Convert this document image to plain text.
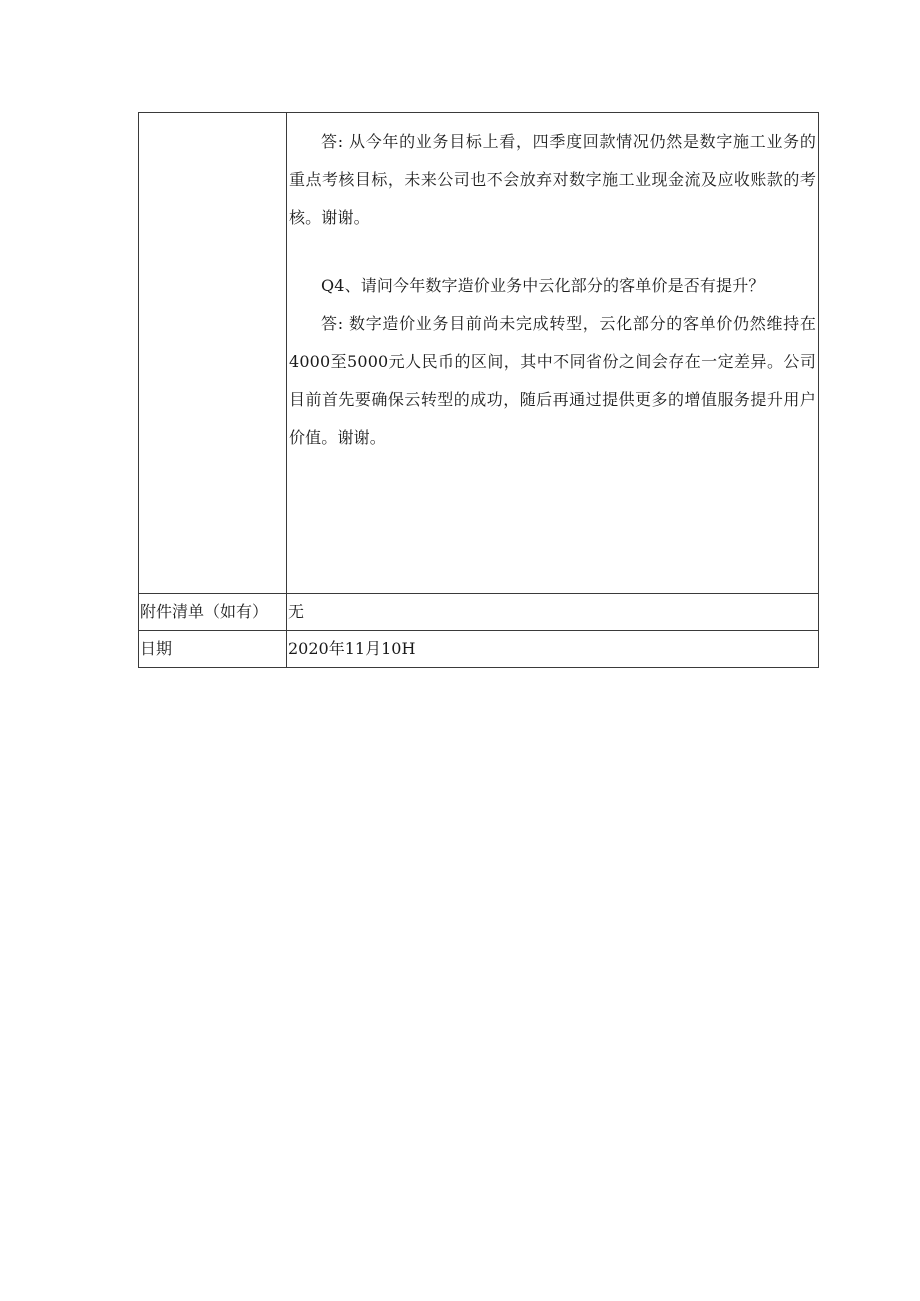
	答: 从今年的业务目标上看，四季度回款情况仍然是数字施工业务的重点考核目标，未来公司也不会放弃对数字施工业现金流及应收账款的考核。谢谢。

Q4、请问今年数字造价业务中云化部分的客单价是否有提升？

答: 数字造价业务目前尚未完成转型，云化部分的客单价仍然维持在4000至5000元人民币的区间，其中不同省份之间会存在一定差异。公司目前首先要确保云转型的成功，随后再通过提供更多的增值服务提升用户价值。谢谢。

附件清单（如有）	无

日期	2020年11月10H
